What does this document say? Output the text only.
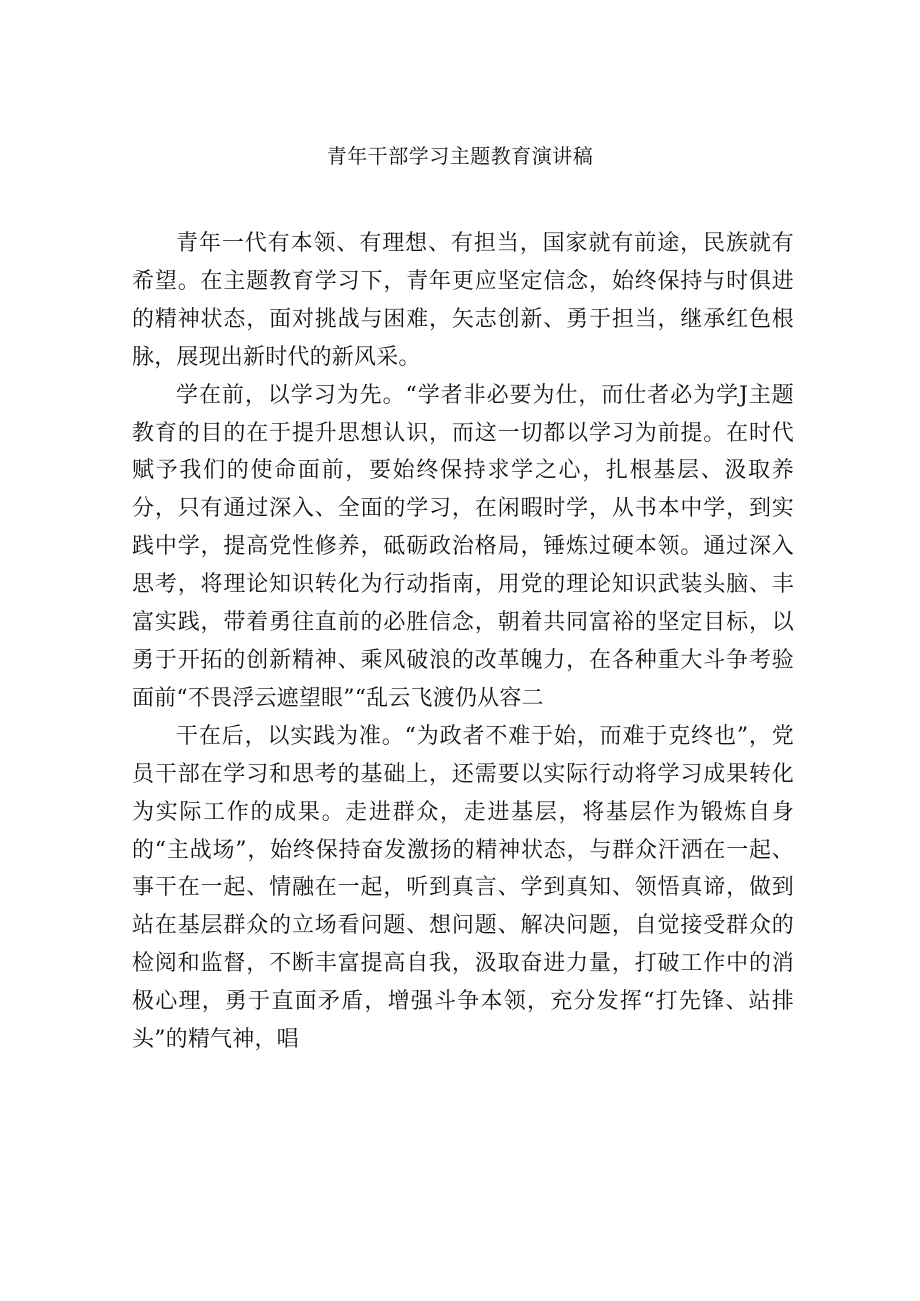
青年干部学习主题教育演讲稿

青年一代有本领、有理想、有担当，国家就有前途，民族就有希望。在主题教育学习下，青年更应坚定信念，始终保持与时俱进的精神状态，面对挑战与困难，矢志创新、勇于担当，继承红色根脉，展现出新时代的新风采。

学在前，以学习为先。“学者非必要为仕，而仕者必为学J主题教育的目的在于提升思想认识，而这一切都以学习为前提。在时代赋予我们的使命面前，要始终保持求学之心，扎根基层、汲取养分，只有通过深入、全面的学习，在闲暇时学，从书本中学，到实践中学，提高党性修养，砥砺政治格局，锤炼过硬本领。通过深入思考，将理论知识转化为行动指南，用党的理论知识武装头脑、丰富实践，带着勇往直前的必胜信念，朝着共同富裕的坚定目标，以勇于开拓的创新精神、乘风破浪的改革魄力，在各种重大斗争考验面前“不畏浮云遮望眼”“乱云飞渡仍从容二

干在后，以实践为准。“为政者不难于始，而难于克终也”，党员干部在学习和思考的基础上，还需要以实际行动将学习成果转化为实际工作的成果。走进群众，走进基层，将基层作为锻炼自身的“主战场”，始终保持奋发激扬的精神状态，与群众汗洒在一起、事干在一起、情融在一起，听到真言、学到真知、领悟真谛，做到站在基层群众的立场看问题、想问题、解决问题，自觉接受群众的检阅和监督，不断丰富提高自我，汲取奋进力量，打破工作中的消极心理，勇于直面矛盾，增强斗争本领，充分发挥“打先锋、站排头”的精气神，唱
